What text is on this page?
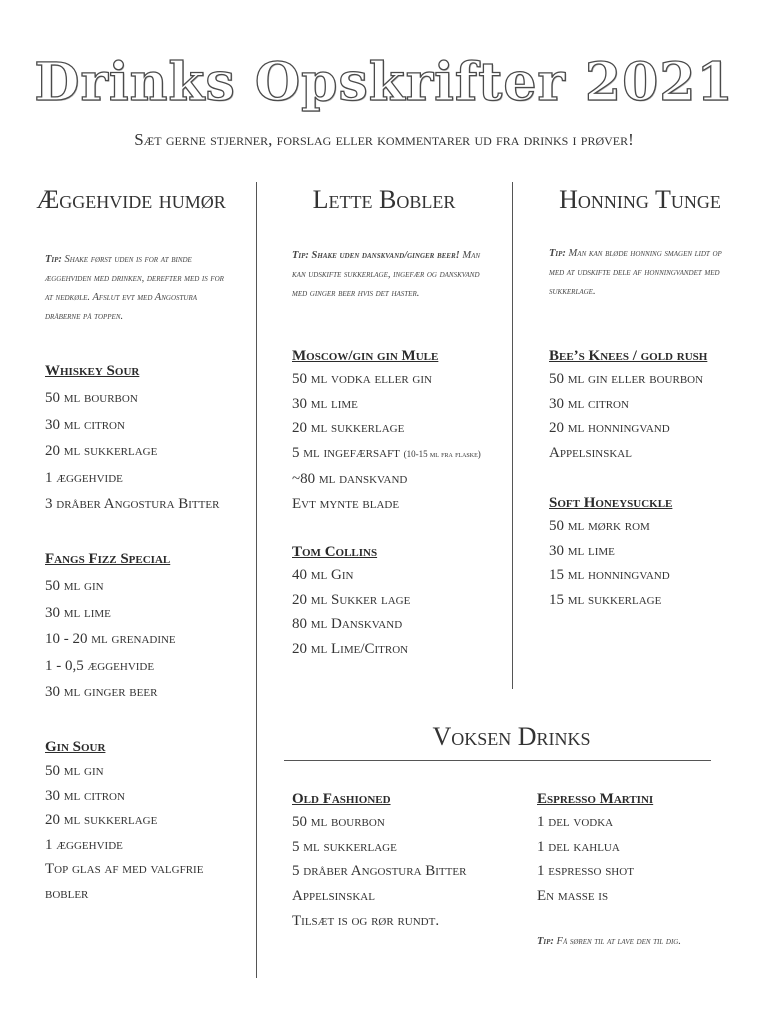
Drinks Opskrifter 2021
Sæt gerne stjerner, forslag eller kommentarer ud fra drinks i prøver!
Æggehvide humør
Tip: Shake først uden is for at binde æggehviden med drinken, derefter med is for at nedkøle. Afslut evt med Angostura dråberne på toppen.
Whiskey Sour
50 ml bourbon
30 ml citron
20 ml sukkerlage
1 æggehvide
3 dråber Angostura Bitter
Fangs Fizz Special
50 ml gin
30 ml lime
10 - 20 ml grenadine
1 - 0,5 æggehvide
30 ml ginger beer
Gin Sour
50 ml gin
30 ml citron
20 ml sukkerlage
1 æggehvide
Top glas af med valgfrie bobler
Lette Bobler
Tip: Shake uden danskvand/ginger beer! Man kan udskifte sukkerlage, ingefær og danskvand med ginger beer hvis det haster.
Moscow/gin gin Mule
50 ml vodka eller gin
30 ml lime
20 ml sukkerlage
5 ml ingefærsaft (10-15 ml fra flaske)
~80 ml danskvand
Evt mynte blade
Tom Collins
40 ml Gin
20 ml Sukker lage
80 ml Danskvand
20 ml Lime/Citron
Honning Tunge
Tip: Man kan bløde honning smagen lidt op med at udskifte dele af honningvandet med sukkerlage.
Bee’s Knees / gold rush
50 ml gin eller bourbon
30 ml citron
20 ml honningvand
Appelsinskal
Soft Honeysuckle
50 ml mørk rom
30 ml lime
15 ml honningvand
15 ml sukkerlage
Voksen Drinks
Old Fashioned
50 ml bourbon
5 ml sukkerlage
5 dråber Angostura Bitter
Appelsinskal
Tilsæt is og rør rundt.
Espresso Martini
1 del vodka
1 del kahlua
1 espresso shot
En masse is
Tip: Få søren til at lave den til dig.
